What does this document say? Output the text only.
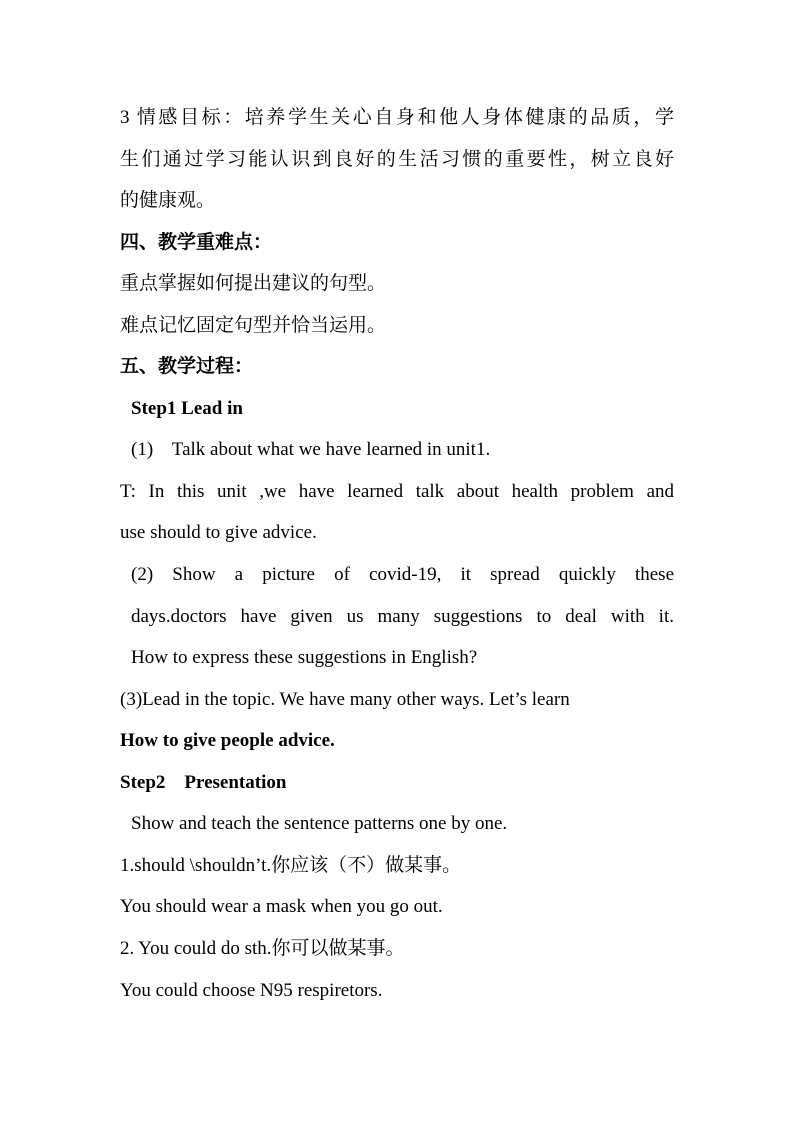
3 情感目标：培养学生关心自身和他人身体健康的品质，学
生们通过学习能认识到良好的生活习惯的重要性，树立良好
的健康观。
四、教学重难点：
重点掌握如何提出建议的句型。
难点记忆固定句型并恰当运用。
五、教学过程：
Step1 Lead in
(1)    Talk about what we have learned in unit1.
T: In this unit ,we have learned talk about health problem and
use should to give advice.
(2) Show a picture of covid-19, it spread quickly these
days.doctors have given us many suggestions to deal with it.
How to express these suggestions in English?
(3)Lead in the topic. We have many other ways. Let’s learn
How to give people advice.
Step2    Presentation
Show and teach the sentence patterns one by one.
1.should \shouldn’t.你应该（不）做某事。
You should wear a mask when you go out.
2. You could do sth.你可以做某事。
You could choose N95 respiretors.
